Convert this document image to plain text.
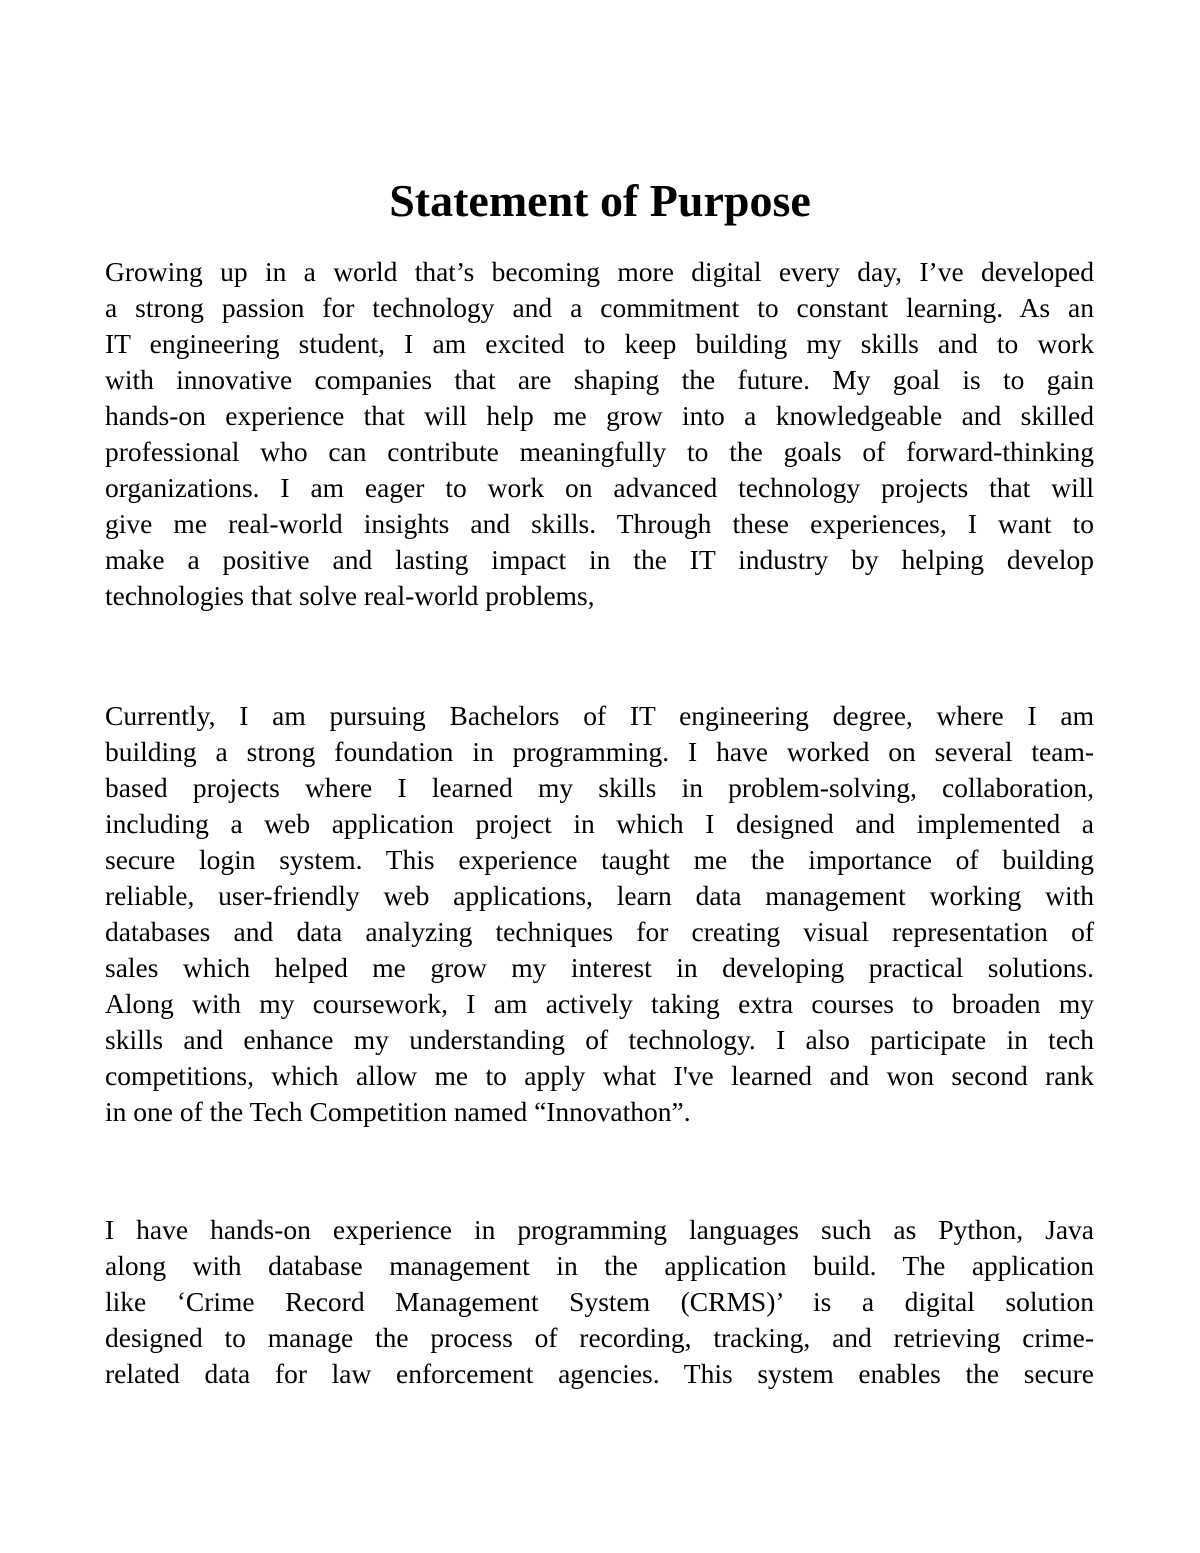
Statement of Purpose
Growing up in a world that’s becoming more digital every day, I’ve developed
a strong passion for technology and a commitment to constant learning. As an
IT engineering student, I am excited to keep building my skills and to work
with innovative companies that are shaping the future. My goal is to gain
hands-on experience that will help me grow into a knowledgeable and skilled
professional who can contribute meaningfully to the goals of forward-thinking
organizations. I am eager to work on advanced technology projects that will
give me real-world insights and skills. Through these experiences, I want to
make a positive and lasting impact in the IT industry by helping develop
technologies that solve real-world problems,
Currently, I am pursuing Bachelors of IT engineering degree, where I am
building a strong foundation in programming. I have worked on several team-
based projects where I learned my skills in problem-solving, collaboration,
including a web application project in which I designed and implemented a
secure login system. This experience taught me the importance of building
reliable, user-friendly web applications, learn data management working with
databases and data analyzing techniques for creating visual representation of
sales which helped me grow my interest in developing practical solutions.
Along with my coursework, I am actively taking extra courses to broaden my
skills and enhance my understanding of technology. I also participate in tech
competitions, which allow me to apply what I've learned and won second rank
in one of the Tech Competition named “Innovathon”.
I have hands-on experience in programming languages such as Python, Java
along with database management in the application build. The application
like ‘Crime Record Management System (CRMS)’ is a digital solution
designed to manage the process of recording, tracking, and retrieving crime-
related data for law enforcement agencies. This system enables the secure
